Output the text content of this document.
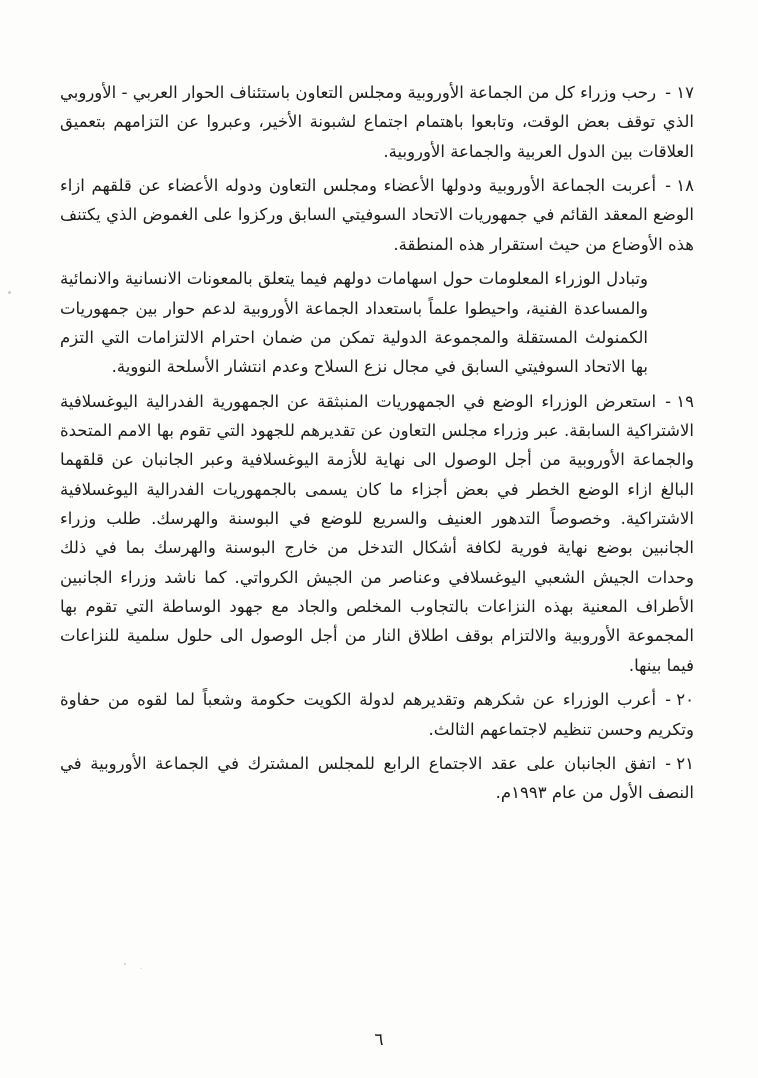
١٧ -رحب وزراء كل من الجماعة الأوروبية ومجلس التعاون باستئناف الحوار العربي - الأوروبي الذي توقف بعض الوقت، وتابعوا باهتمام اجتماع لشبونة الأخير، وعبروا عن التزامهم بتعميق العلاقات بين الدول العربية والجماعة الأوروبية.

١٨ -أعربت الجماعة الأوروبية ودولها الأعضاء ومجلس التعاون ودوله الأعضاء عن قلقهم ازاء الوضع المعقد القائم في جمهوريات الاتحاد السوفيتي السابق وركزوا على الغموض الذي يكتنف هذه الأوضاع من حيث استقرار هذه المنطقة.

وتبادل الوزراء المعلومات حول اسهامات دولهم فيما يتعلق بالمعونات الانسانية والانمائية والمساعدة الفنية، واحيطوا علماً باستعداد الجماعة الأوروبية لدعم حوار بين جمهوريات الكمنولث المستقلة والمجموعة الدولية تمكن من ضمان احترام الالتزامات التي التزم بها الاتحاد السوفيتي السابق في مجال نزع السلاح وعدم انتشار الأسلحة النووية.

١٩ -استعرض الوزراء الوضع في الجمهوريات المنبثقة عن الجمهورية الفدرالية اليوغسلافية الاشتراكية السابقة. عبر وزراء مجلس التعاون عن تقديرهم للجهود التي تقوم بها الامم المتحدة والجماعة الأوروبية من أجل الوصول الى نهاية للأزمة اليوغسلافية وعبر الجانبان عن قلقهما البالغ ازاء الوضع الخطر في بعض أجزاء ما كان يسمى بالجمهوريات الفدرالية اليوغسلافية الاشتراكية. وخصوصاً التدهور العنيف والسريع للوضع في البوسنة والهرسك. طلب وزراء الجانبين بوضع نهاية فورية لكافة أشكال التدخل من خارج البوسنة والهرسك بما في ذلك وحدات الجيش الشعبي اليوغسلافي وعناصر من الجيش الكرواتي. كما ناشد وزراء الجانبين الأطراف المعنية بهذه النزاعات بالتجاوب المخلص والجاد مع جهود الوساطة التي تقوم بها المجموعة الأوروبية والالتزام بوقف اطلاق النار من أجل الوصول الى حلول سلمية للنزاعات فيما بينها.

٢٠ -أعرب الوزراء عن شكرهم وتقديرهم لدولة الكويت حكومة وشعباً لما لقوه من حفاوة وتكريم وحسن تنظيم لاجتماعهم الثالث.

٢١ -اتفق الجانبان على عقد الاجتماع الرابع للمجلس المشترك في الجماعة الأوروبية في النصف الأول من عام ١٩٩٣م.

٦
